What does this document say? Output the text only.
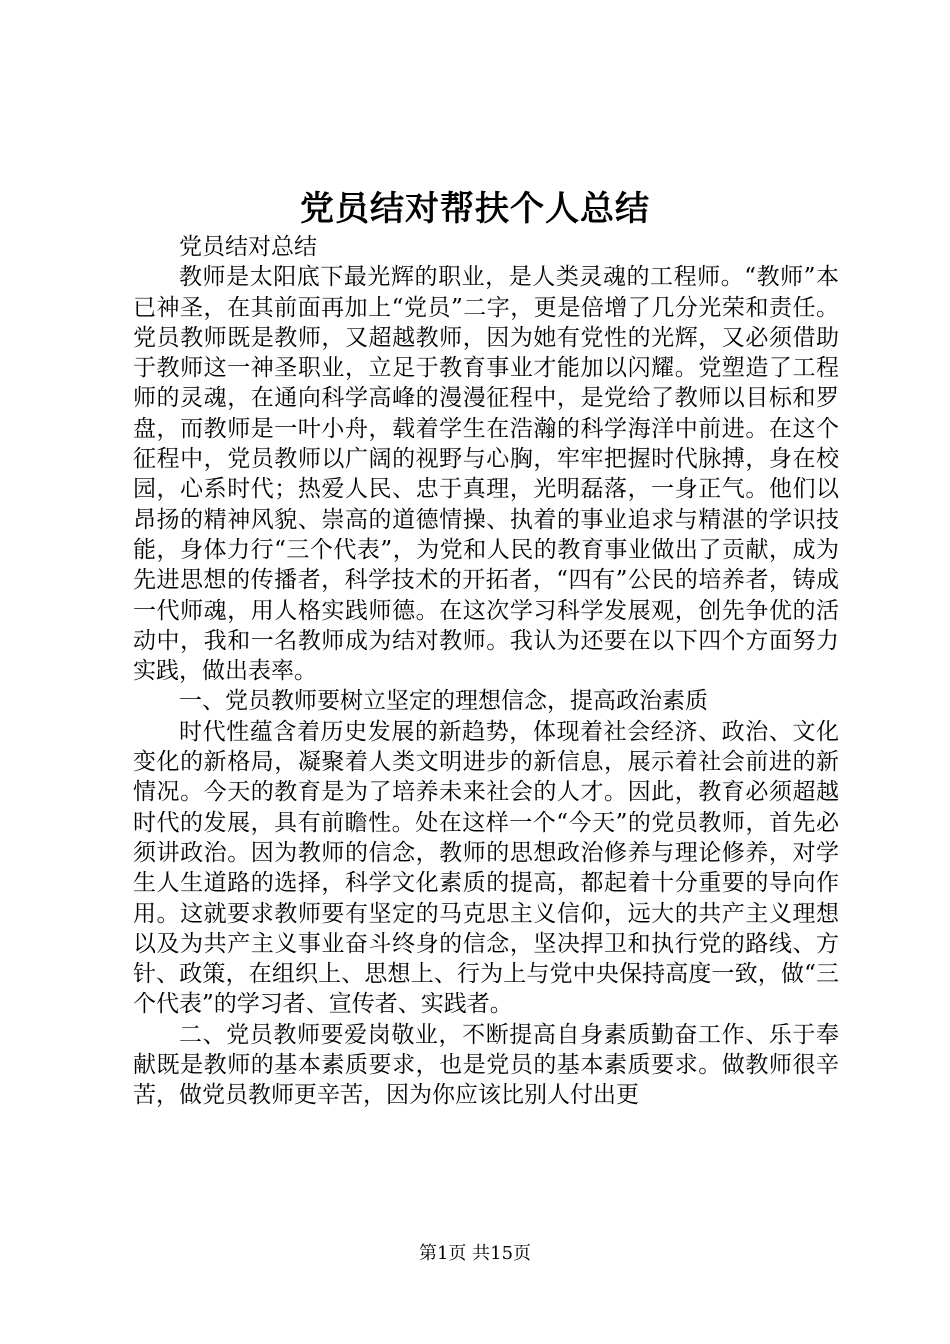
党员结对帮扶个人总结

党员结对总结

教师是太阳底下最光辉的职业，是人类灵魂的工程师。“教师”本已神圣，在其前面再加上“党员”二字，更是倍增了几分光荣和责任。党员教师既是教师，又超越教师，因为她有党性的光辉，又必须借助于教师这一神圣职业，立足于教育事业才能加以闪耀。党塑造了工程师的灵魂，在通向科学高峰的漫漫征程中，是党给了教师以目标和罗盘，而教师是一叶小舟，载着学生在浩瀚的科学海洋中前进。在这个征程中，党员教师以广阔的视野与心胸，牢牢把握时代脉搏，身在校园，心系时代；热爱人民、忠于真理，光明磊落，一身正气。他们以昂扬的精神风貌、崇高的道德情操、执着的事业追求与精湛的学识技能，身体力行“三个代表”，为党和人民的教育事业做出了贡献，成为先进思想的传播者，科学技术的开拓者，“四有”公民的培养者，铸成一代师魂，用人格实践师德。在这次学习科学发展观，创先争优的活动中，我和一名教师成为结对教师。我认为还要在以下四个方面努力实践，做出表率。

一、党员教师要树立坚定的理想信念，提高政治素质

时代性蕴含着历史发展的新趋势，体现着社会经济、政治、文化变化的新格局，凝聚着人类文明进步的新信息，展示着社会前进的新情况。今天的教育是为了培养未来社会的人才。因此，教育必须超越时代的发展，具有前瞻性。处在这样一个“今天”的党员教师，首先必须讲政治。因为教师的信念，教师的思想政治修养与理论修养，对学生人生道路的选择，科学文化素质的提高，都起着十分重要的导向作用。这就要求教师要有坚定的马克思主义信仰，远大的共产主义理想以及为共产主义事业奋斗终身的信念，坚决捍卫和执行党的路线、方针、政策，在组织上、思想上、行为上与党中央保持高度一致，做“三个代表”的学习者、宣传者、实践者。

二、党员教师要爱岗敬业，不断提高自身素质勤奋工作、乐于奉献既是教师的基本素质要求，也是党员的基本素质要求。做教师很辛苦，做党员教师更辛苦，因为你应该比别人付出更

第1页 共15页
